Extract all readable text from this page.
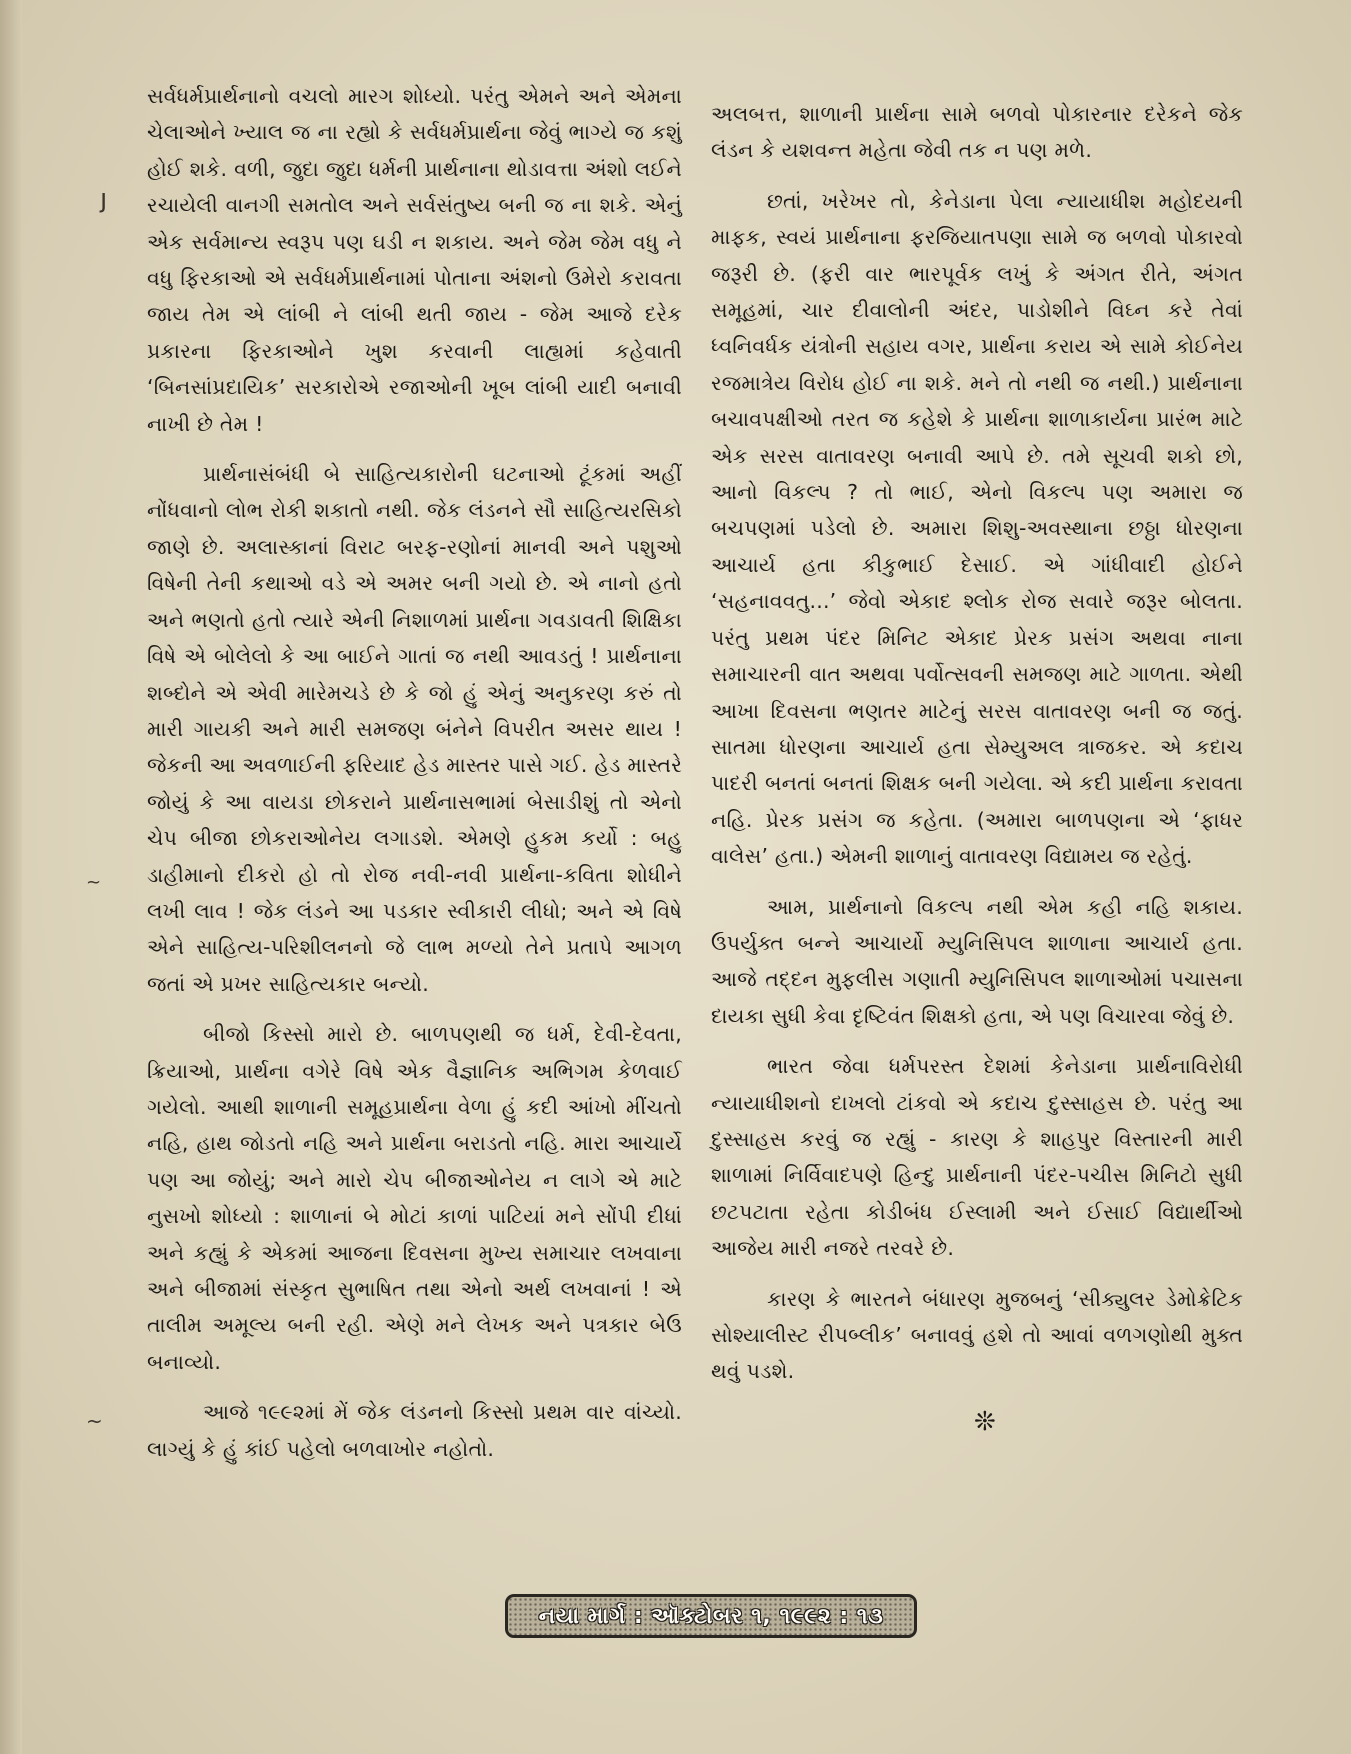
સર્વધર્મપ્રાર્થનાનો વચલો મારગ શોધ્યો. પરંતુ એમને અને એમના ચેલાઓને ખ્યાલ જ ના રહ્યો કે સર્વધર્મપ્રાર્થના જેવું ભાગ્યે જ કશું હોઈ શકે. વળી, જુદા જુદા ધર્મની પ્રાર્થનાના થોડાવત્તા અંશો લઈને રચાયેલી વાનગી સમતોલ અને સર્વસંતુષ્ય બની જ ના શકે. એનું એક સર્વમાન્ય સ્વરૂપ પણ ઘડી ન શકાય. અને જેમ જેમ વધુ ને વધુ ફિરકાઓ એ સર્વધર્મપ્રાર્થનામાં પોતાના અંશનો ઉમેરો કરાવતા જાય તેમ એ લાંબી ને લાંબી થતી જાય - જેમ આજે દરેક પ્રકારના ફિરકાઓને ખુશ કરવાની લાહ્યમાં કહેવાતી ‘બિનસાંપ્રદાયિક’ સરકારોએ રજાઓની ખૂબ લાંબી યાદી બનાવી નાખી છે તેમ !

પ્રાર્થનાસંબંધી બે સાહિત્યકારોની ઘટનાઓ ટૂંકમાં અહીં નોંધવાનો લોભ રોકી શકાતો નથી. જેક લંડનને સૌ સાહિત્યરસિકો જાણે છે. અલાસ્કાનાં વિરાટ બરફ-રણોનાં માનવી અને પશુઓ વિષેની તેની કથાઓ વડે એ અમર બની ગયો છે. એ નાનો હતો અને ભણતો હતો ત્યારે એની નિશાળમાં પ્રાર્થના ગવડાવતી શિક્ષિકા વિષે એ બોલેલો કે આ બાઈને ગાતાં જ નથી આવડતું ! પ્રાર્થનાના શબ્દોને એ એવી મારેમચડે છે કે જો હું એનું અનુકરણ કરું તો મારી ગાયકી અને મારી સમજણ બંનેને વિપરીત અસર થાય ! જેકની આ અવળાઈની ફરિયાદ હેડ માસ્તર પાસે ગઈ. હેડ માસ્તરે જોયું કે આ વાયડા છોકરાને પ્રાર્થનાસભામાં બેસાડીશું તો એનો ચેપ બીજા છોકરાઓનેય લગાડશે. એમણે હુકમ કર્યો : બહુ ડાહીમાનો દીકરો હો તો રોજ નવી-નવી પ્રાર્થના-કવિતા શોધીને લખી લાવ ! જેક લંડને આ પડકાર સ્વીકારી લીધો; અને એ વિષે એને સાહિત્ય-પરિશીલનનો જે લાભ મળ્યો તેને પ્રતાપે આગળ જતાં એ પ્રખર સાહિત્યકાર બન્યો.

બીજો કિસ્સો મારો છે. બાળપણથી જ ધર્મ, દેવી-દેવતા, ક્રિયાઓ, પ્રાર્થના વગેરે વિષે એક વૈજ્ઞાનિક અભિગમ કેળવાઈ ગયેલો. આથી શાળાની સમૂહપ્રાર્થના વેળા હું કદી આંખો મીંચતો નહિ, હાથ જોડતો નહિ અને પ્રાર્થના બરાડતો નહિ. મારા આચાર્યે પણ આ જોયું; અને મારો ચેપ બીજાઓનેય ન લાગે એ માટે નુસખો શોધ્યો : શાળાનાં બે મોટાં કાળાં પાટિયાં મને સોંપી દીધાં અને કહ્યું કે એકમાં આજના દિવસના મુખ્ય સમાચાર લખવાના અને બીજામાં સંસ્કૃત સુભાષિત તથા એનો અર્થ લખવાનાં ! એ તાલીમ અમૂલ્ય બની રહી. એણે મને લેખક અને પત્રકાર બેઉ બનાવ્યો.

આજે ૧૯૯૨માં મેં જેક લંડનનો કિસ્સો પ્રથમ વાર વાંચ્યો. લાગ્યું કે હું કાંઈ પહેલો બળવાખોર નહોતો.

અલબત્ત, શાળાની પ્રાર્થના સામે બળવો પોકારનાર દરેકને જેક લંડન કે યશવન્ત મહેતા જેવી તક ન પણ મળે.

છતાં, ખરેખર તો, કેનેડાના પેલા ન્યાયાધીશ મહોદયની માફક, સ્વયં પ્રાર્થનાના ફરજિયાતપણા સામે જ બળવો પોકારવો જરૂરી છે. (ફરી વાર ભારપૂર્વક લખું કે અંગત રીતે, અંગત સમૂહમાં, ચાર દીવાલોની અંદર, પાડોશીને વિઘ્ન કરે તેવાં ધ્વનિવર્ધક યંત્રોની સહાય વગર, પ્રાર્થના કરાય એ સામે કોઈનેય રજમાત્રેય વિરોધ હોઈ ના શકે. મને તો નથી જ નથી.) પ્રાર્થનાના બચાવપક્ષીઓ તરત જ કહેશે કે પ્રાર્થના શાળાકાર્યના પ્રારંભ માટે એક સરસ વાતાવરણ બનાવી આપે છે. તમે સૂચવી શકો છો, આનો વિકલ્પ ? તો ભાઈ, એનો વિકલ્પ પણ અમારા જ બચપણમાં પડેલો છે. અમારા શિશુ-અવસ્થાના છઠ્ઠા ધોરણના આચાર્ય હતા કીકુભાઈ દેસાઈ. એ ગાંધીવાદી હોઈને ‘સહનાવવતુ...’ જેવો એકાદ શ્લોક રોજ સવારે જરૂર બોલતા. પરંતુ પ્રથમ પંદર મિનિટ એકાદ પ્રેરક પ્રસંગ અથવા નાના સમાચારની વાત અથવા પર્વોત્સવની સમજણ માટે ગાળતા. એથી આખા દિવસના ભણતર માટેનું સરસ વાતાવરણ બની જ જતું. સાતમા ધોરણના આચાર્ય હતા સેમ્યુઅલ ત્રાજકર. એ કદાચ પાદરી બનતાં બનતાં શિક્ષક બની ગયેલા. એ કદી પ્રાર્થના કરાવતા નહિ. પ્રેરક પ્રસંગ જ કહેતા. (અમારા બાળપણના એ ‘ફાધર વાલેસ’ હતા.) એમની શાળાનું વાતાવરણ વિદ્યામય જ રહેતું.

આમ, પ્રાર્થનાનો વિકલ્પ નથી એમ કહી નહિ શકાય. ઉપર્યુક્ત બન્ને આચાર્યો મ્યુનિસિપલ શાળાના આચાર્ય હતા. આજે તદ્દન મુફલીસ ગણાતી મ્યુનિસિપલ શાળાઓમાં પચાસના દાયકા સુધી કેવા દૃષ્ટિવંત શિક્ષકો હતા, એ પણ વિચારવા જેવું છે.

ભારત જેવા ધર્મપરસ્ત દેશમાં કેનેડાના પ્રાર્થનાવિરોધી ન્યાયાધીશનો દાખલો ટાંકવો એ કદાચ દુસ્સાહસ છે. પરંતુ આ દુસ્સાહસ કરવું જ રહ્યું - કારણ કે શાહપુર વિસ્તારની મારી શાળામાં નિર્વિવાદપણે હિન્દુ પ્રાર્થનાની પંદર-પચીસ મિનિટો સુધી છટપટાતા રહેતા કોડીબંધ ઈસ્લામી અને ઈસાઈ વિદ્યાર્થીઓ આજેય મારી નજરે તરવરે છે.

કારણ કે ભારતને બંધારણ મુજબનું ‘સીક્યુલર ડેમોક્રેટિક સોશ્યાલીસ્ટ રીપબ્લીક’ બનાવવું હશે તો આવાં વળગણોથી મુક્ત થવું પડશે.

❊
ȷ
~
~
નયા માર્ગ : ઑક્ટોબર ૧, ૧૯૯૨ : ૧૩
